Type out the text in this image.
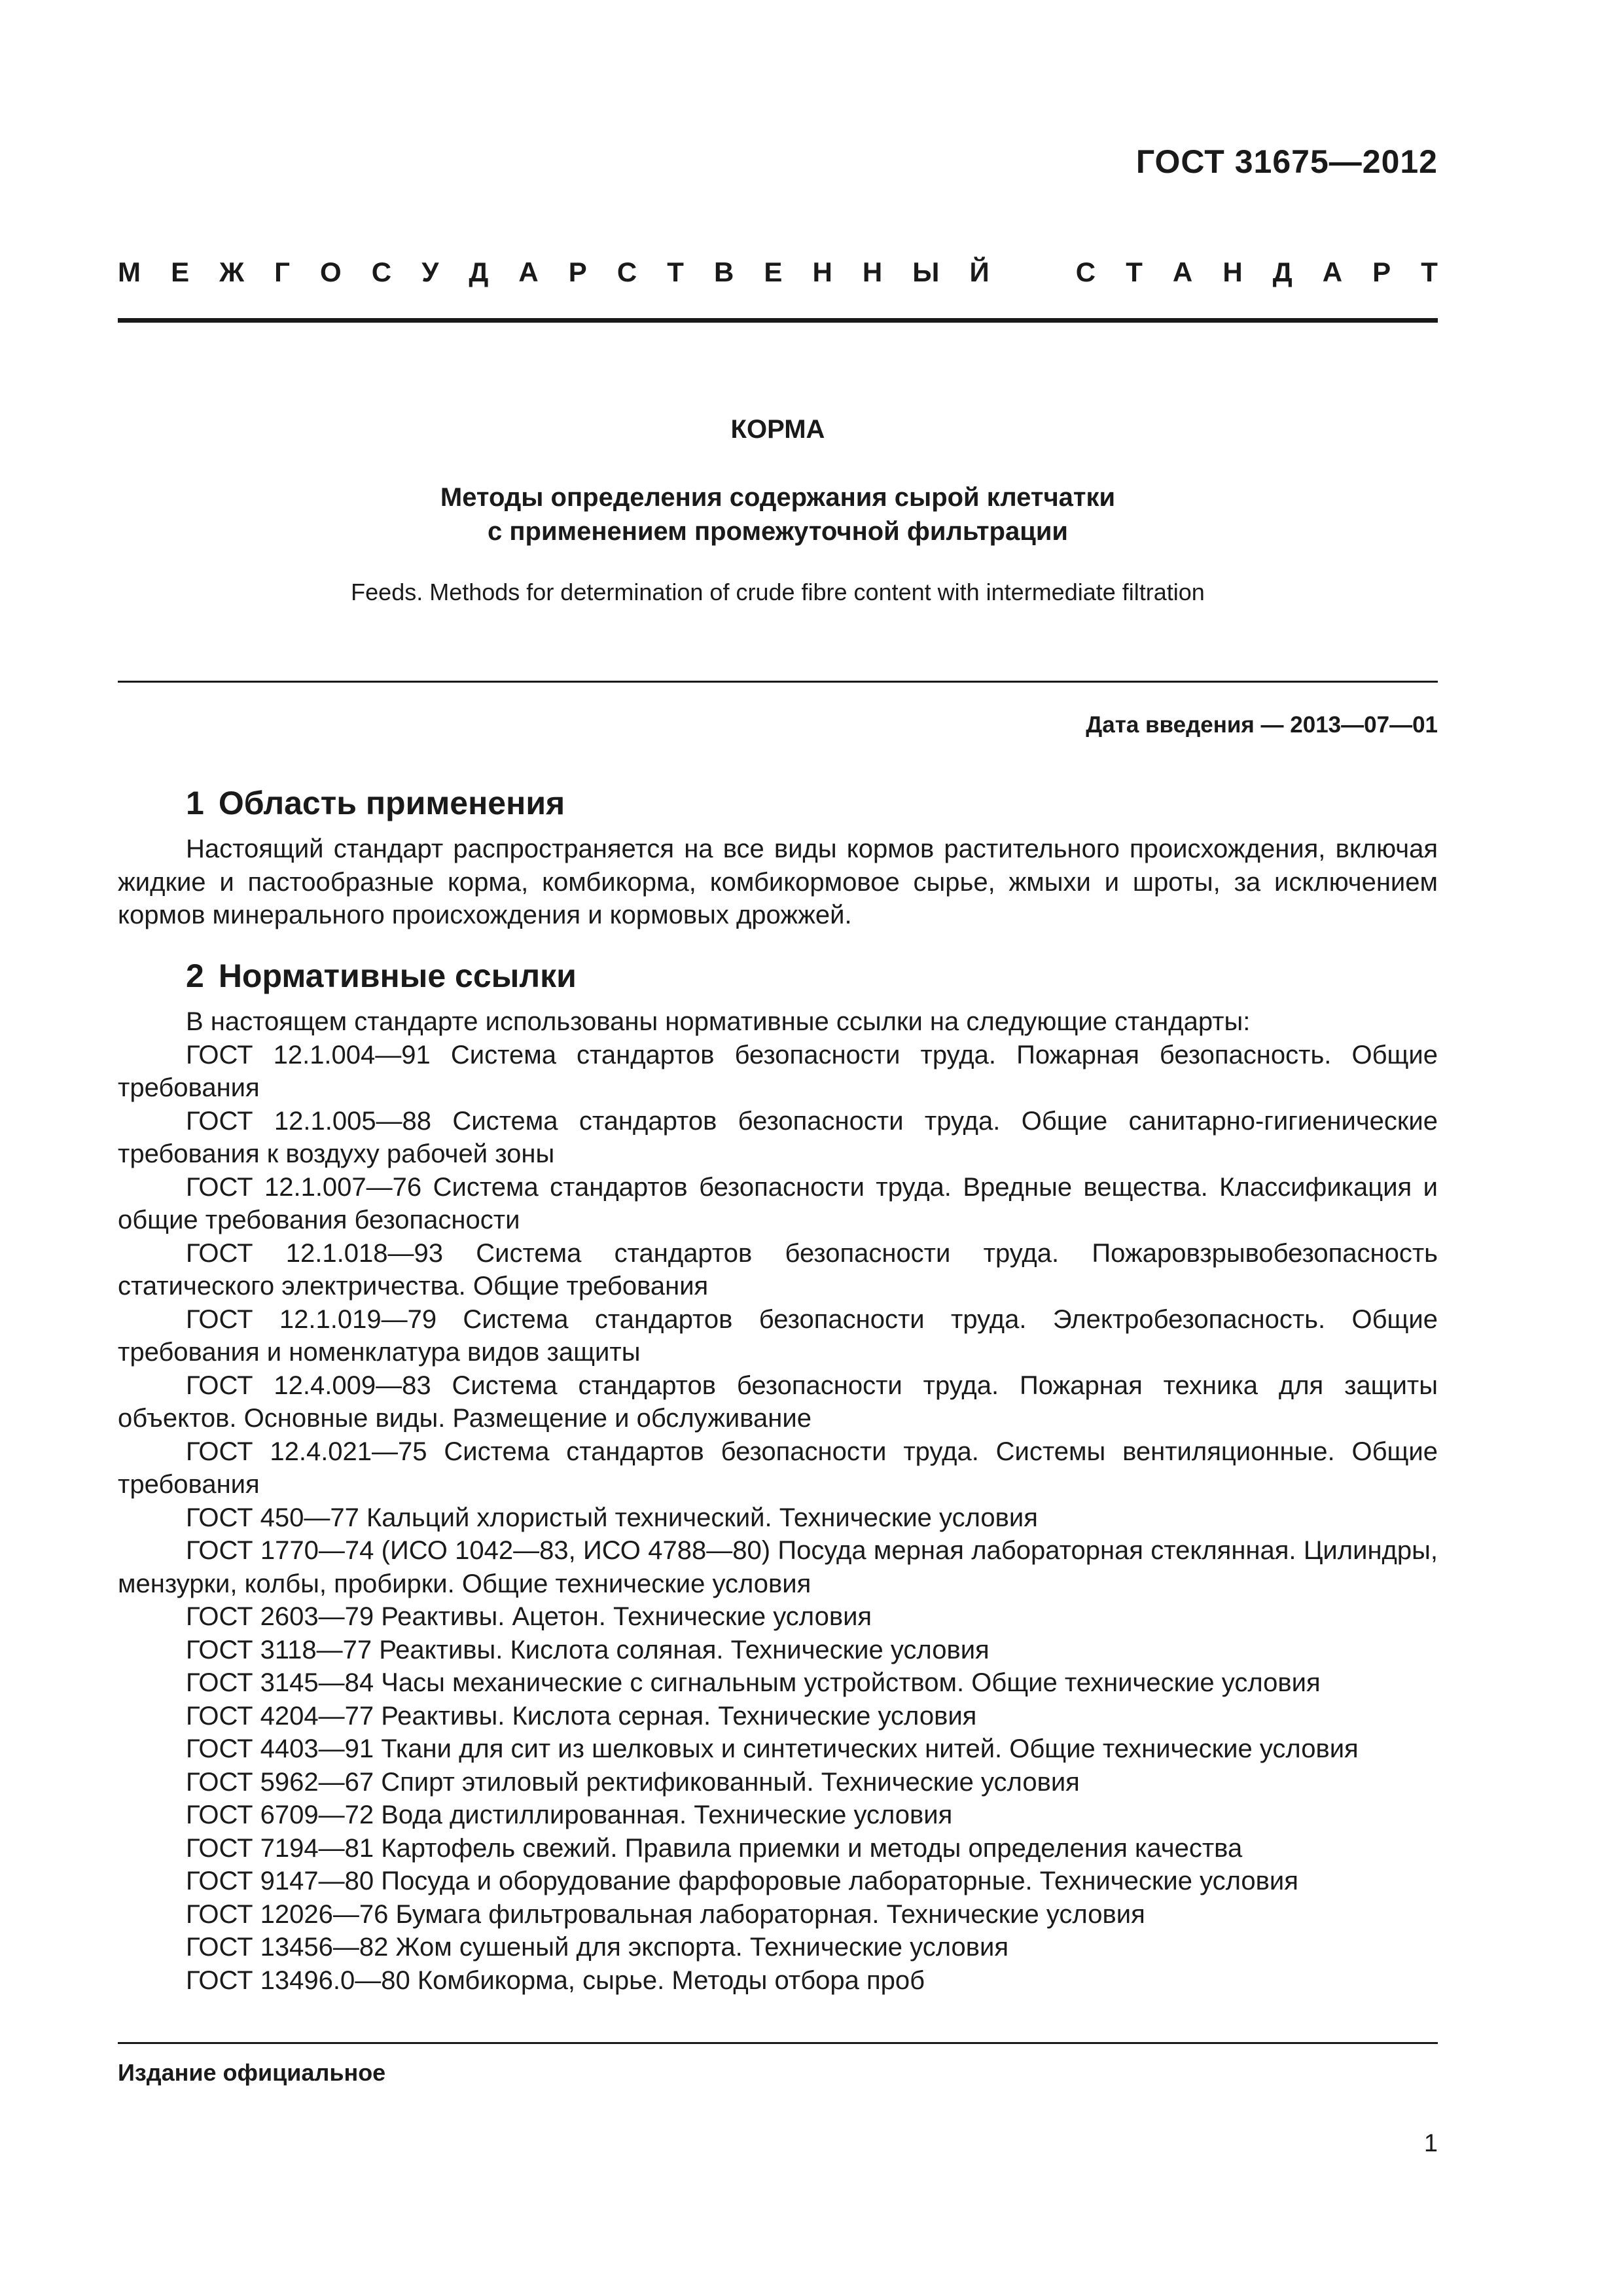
ГОСТ 31675—2012
М Е Ж Г О С У Д А Р С Т В Е Н Н Ы Й	С Т А Н Д А Р Т
КОРМА
Методы определения содержания сырой клетчатки
с применением промежуточной фильтрации
Feeds. Methods for determination of crude fibre content with intermediate filtration
Дата введения — 2013—07—01
1 Область применения
Настоящий стандарт распространяется на все виды кормов растительного происхождения, включая жидкие и пастообразные корма, комбикорма, комбикормовое сырье, жмыхи и шроты, за исключением кормов минерального происхождения и кормовых дрожжей.
2 Нормативные ссылки
В настоящем стандарте использованы нормативные ссылки на следующие стандарты:
ГОСТ 12.1.004—91 Система стандартов безопасности труда. Пожарная безопасность. Общие требования
ГОСТ 12.1.005—88 Система стандартов безопасности труда. Общие санитарно-гигиенические требования к воздуху рабочей зоны
ГОСТ 12.1.007—76 Система стандартов безопасности труда. Вредные вещества. Классификация и общие требования безопасности
ГОСТ 12.1.018—93 Система стандартов безопасности труда. Пожаровзрывобезопасность статического электричества. Общие требования
ГОСТ 12.1.019—79 Система стандартов безопасности труда. Электробезопасность. Общие требования и номенклатура видов защиты
ГОСТ 12.4.009—83 Система стандартов безопасности труда. Пожарная техника для защиты объектов. Основные виды. Размещение и обслуживание
ГОСТ 12.4.021—75 Система стандартов безопасности труда. Системы вентиляционные. Общие требования
ГОСТ 450—77 Кальций хлористый технический. Технические условия
ГОСТ 1770—74 (ИСО 1042—83, ИСО 4788—80) Посуда мерная лабораторная стеклянная. Цилиндры, мензурки, колбы, пробирки. Общие технические условия
ГОСТ 2603—79 Реактивы. Ацетон. Технические условия
ГОСТ 3118—77 Реактивы. Кислота соляная. Технические условия
ГОСТ 3145—84 Часы механические с сигнальным устройством. Общие технические условия
ГОСТ 4204—77 Реактивы. Кислота серная. Технические условия
ГОСТ 4403—91 Ткани для сит из шелковых и синтетических нитей. Общие технические условия
ГОСТ 5962—67 Спирт этиловый ректификованный. Технические условия
ГОСТ 6709—72 Вода дистиллированная. Технические условия
ГОСТ 7194—81 Картофель свежий. Правила приемки и методы определения качества
ГОСТ 9147—80 Посуда и оборудование фарфоровые лабораторные. Технические условия
ГОСТ 12026—76 Бумага фильтровальная лабораторная. Технические условия
ГОСТ 13456—82 Жом сушеный для экспорта. Технические условия
ГОСТ 13496.0—80 Комбикорма, сырье. Методы отбора проб
Издание официальное
1
